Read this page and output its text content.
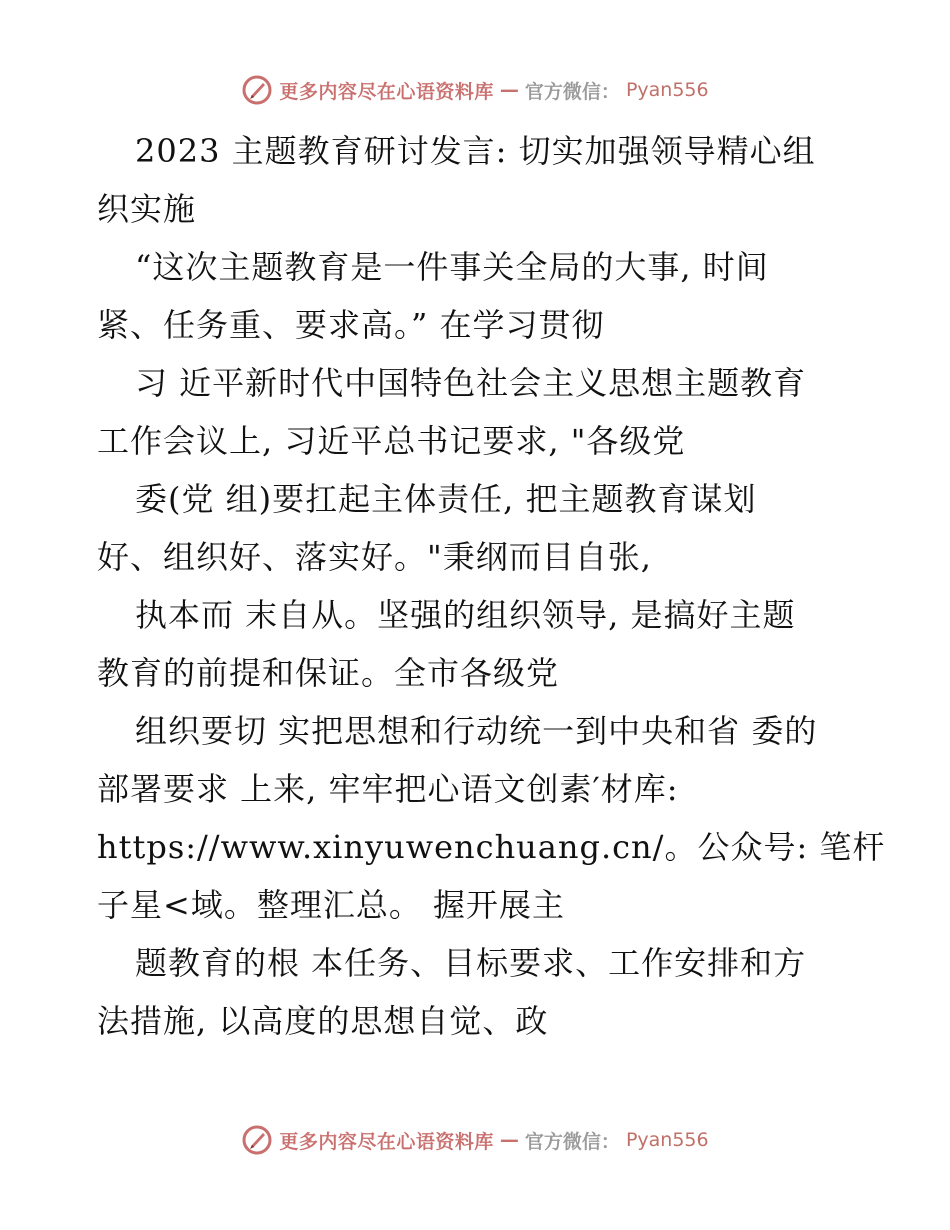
更多内容尽在心语资料库 — 官方微信： Pyan556
2023 主题教育研讨发言: 切实加强领导精心组
织实施
“这次主题教育是一件事关全局的大事, 时间
紧、任务重、要求高。” 在学习贯彻
习 近平新时代中国特色社会主义思想主题教育
工作会议上, 习近平总书记要求, "各级党
委(党 组)要扛起主体责任, 把主题教育谋划
好、组织好、落实好。"秉纲而目自张,
执本而 末自从。坚强的组织领导, 是搞好主题
教育的前提和保证。全市各级党
组织要切 实把思想和行动统一到中央和省 委的
部署要求 上来, 牢牢把心语文创素′材库:
https://www.xinyuwenchuang.cn/。公众号: 笔杆
子星<域。整理汇总。 握开展主
题教育的根 本任务、目标要求、工作安排和方
法措施, 以高度的思想自觉、政
更多内容尽在心语资料库 — 官方微信： Pyan556
